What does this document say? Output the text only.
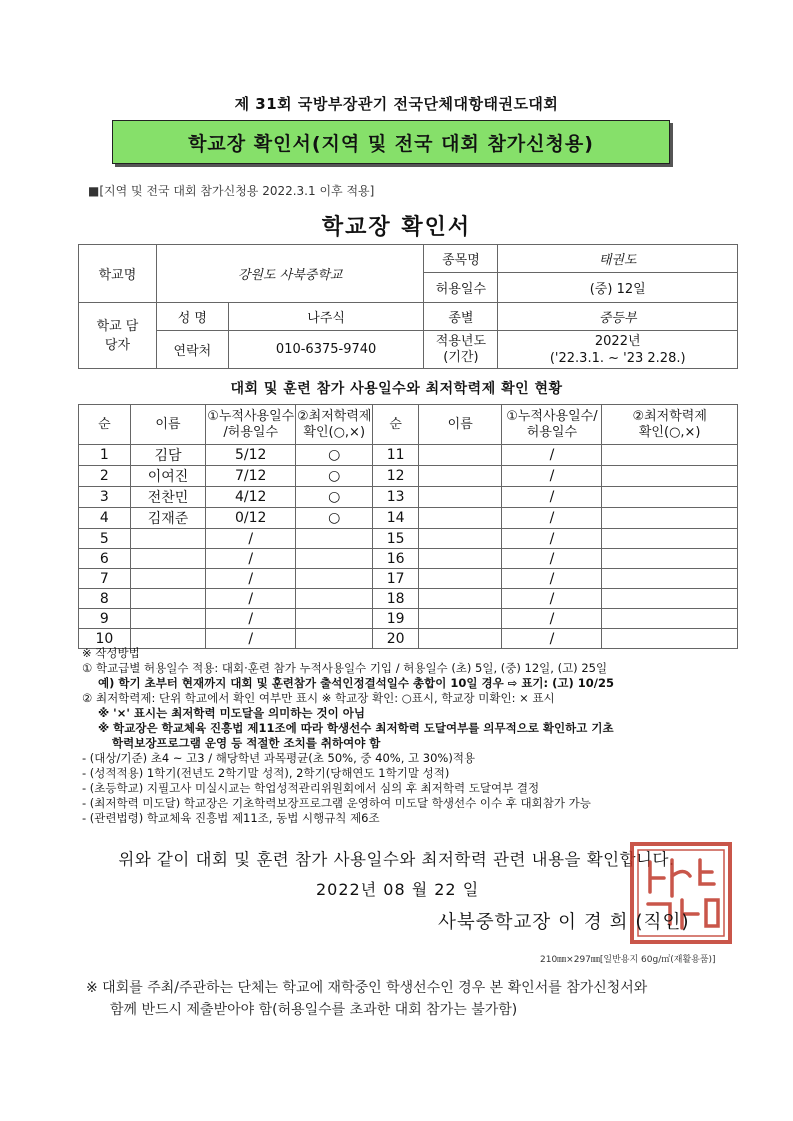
제 31회 국방부장관기 전국단체대항태권도대회
학교장 확인서(지역 및 전국 대회 참가신청용)
■[지역 및 전국 대회 참가신청용 2022.3.1 이후 적용]
학교장 확인서
학교명	강원도 사북중학교		종목명	태권도
			허용일수	(중) 12일
학교 담당자	성 명	나주식	종별	중등부
	연락처	010-6375-9740	적용년도 (기간)	2022년
('22.3.1. ~ '23 2.28.)
대회 및 훈련 참가 사용일수와 최저학력제 확인 현황
순	이름	①누적사용일수 /허용일수	②최저학력제 확인(○,×)	순	이름	①누적사용일수/ 허용일수	②최저학력제 확인(○,×)
1	김담	5/12	○	11		/	
2	이여진	7/12	○	12		/	
3	전찬민	4/12	○	13		/	
4	김재준	0/12	○	14		/	
5		/		15		/	
6		/		16		/	
7		/		17		/	
8		/		18		/	
9		/		19		/	
10		/		20		/	
※ 작성방법
① 학교급별 허용일수 적용: 대회·훈련 참가 누적사용일수 기입 / 허용일수 (초) 5일, (중) 12일, (고) 25일
예) 학기 초부터 현재까지 대회 및 훈련참가 출석인정결석일수 총합이 10일 경우 ⇨ 표기: (고) 10/25
② 최저학력제: 단위 학교에서 확인 여부만 표시 ※ 학교장 확인: ○표시, 학교장 미확인: × 표시
※ '×' 표시는 최저학력 미도달을 의미하는 것이 아님
※ 학교장은 학교체육 진흥법 제11조에 따라 학생선수 최저학력 도달여부를 의무적으로 확인하고 기초
학력보장프로그램 운영 등 적절한 조치를 취하여야 함
- (대상/기준) 초4 ~ 고3 / 해당학년 과목평균(초 50%, 중 40%, 고 30%)적용
- (성적적용) 1학기(전년도 2학기말 성적), 2학기(당해연도 1학기말 성적)
- (초등학교) 지필고사 미실시교는 학업성적관리위원회에서 심의 후 최저학력 도달여부 결정
- (최저학력 미도달) 학교장은 기초학력보장프로그램 운영하여 미도달 학생선수 이수 후 대회참가 가능
- (관련법령) 학교체육 진흥법 제11조, 동법 시행규칙 제6조
위와 같이 대회 및 훈련 참가 사용일수와 최저학력 관련 내용을 확인합니다.
2022년 08 월 22 일
사북중학교장 이 경 희 (직인)
210㎜×297㎜[일반용지 60g/㎡(재활용품)]
※ 대회를 주최/주관하는 단체는 학교에 재학중인 학생선수인 경우 본 확인서를 참가신청서와
함께 반드시 제출받아야 함(허용일수를 초과한 대회 참가는 불가함)
